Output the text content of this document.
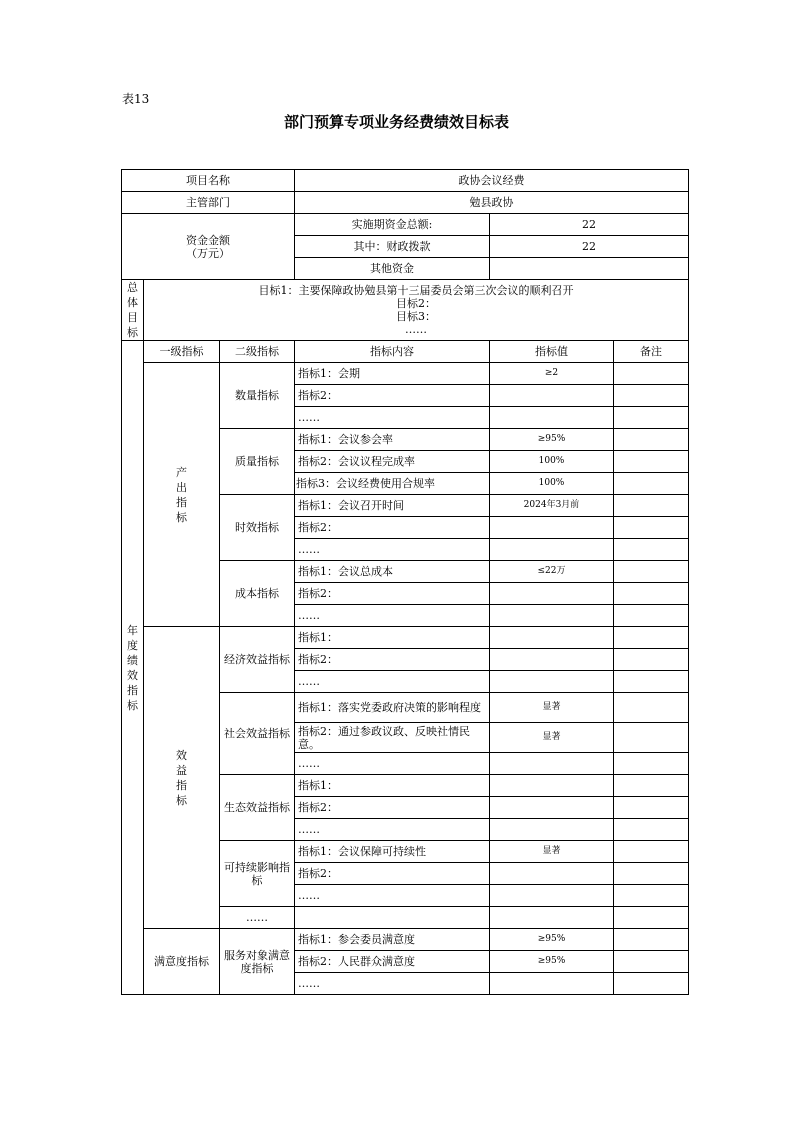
表13
部门预算专项业务经费绩效目标表
项目名称			政协会议经费		
主管部门			勉县政协		

资金金额
（万元）			实施期资金总额:	22	
			其中：财政拨款	22	
			其他资金		
总体目标	目标1：主要保障政协勉县第十三届委员会第三次会议的顺利召开
目标2：
目标3：
……				

年度绩效指标	一级指标	二级指标	指标内容	指标值	备注
	产出指标	数量指标	指标1：会期	≥2	
			指标2：		
			……		
		质量指标	指标1：会议参会率	≥95%	
			指标2：会议议程完成率	100%	
			指标3：会议经费使用合规率	100%	
		时效指标	指标1：会议召开时间	2024年3月前	
			指标2：		
			……		
		成本指标	指标1：会议总成本	≤22万	
			指标2：		
			……		
	效益指标	经济效益指标	指标1：		
			指标2：		
			……		
		社会效益指标	指标1：落实党委政府决策的影响程度	显著	
			指标2：通过参政议政、反映社情民意。	显著	
			……		
		生态效益指标	指标1：		
			指标2：		
			……		
		可持续影响指标	指标1：会议保障可持续性	显著	
			指标2：		
			……		
		……			
	满意度指标	服务对象满意度指标	指标1：参会委员满意度	≥95%	
			指标2：人民群众满意度	≥95%	
			……		
